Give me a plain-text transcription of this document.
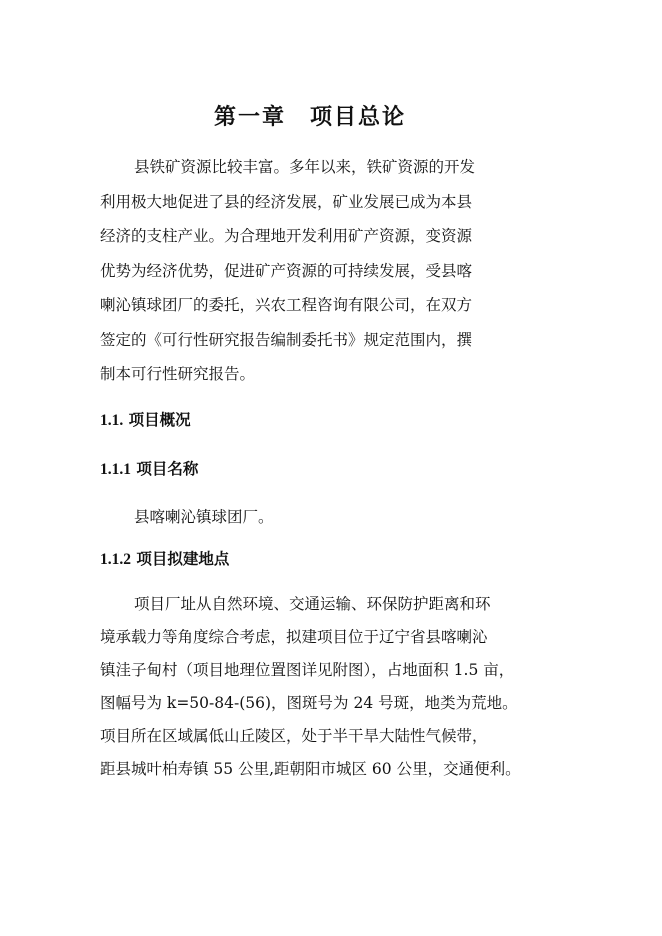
第一章　项目总论
县铁矿资源比较丰富。多年以来，铁矿资源的开发
利用极大地促进了县的经济发展，矿业发展已成为本县
经济的支柱产业。为合理地开发利用矿产资源，变资源
优势为经济优势，促进矿产资源的可持续发展，受县喀
喇沁镇球团厂的委托，兴农工程咨询有限公司，在双方
签定的《可行性研究报告编制委托书》规定范围内，撰
制本可行性研究报告。
1.1. 项目概况
1.1.1 项目名称
县喀喇沁镇球团厂。
1.1.2 项目拟建地点
项目厂址从自然环境、交通运输、环保防护距离和环
境承载力等角度综合考虑，拟建项目位于辽宁省县喀喇沁
镇洼子甸村（项目地理位置图详见附图），占地面积 1.5 亩，
图幅号为 k=50-84-(56)，图斑号为 24 号斑，地类为荒地。
项目所在区域属低山丘陵区，处于半干旱大陆性气候带，
距县城叶柏寿镇 55 公里,距朝阳市城区 60 公里，交通便利。
